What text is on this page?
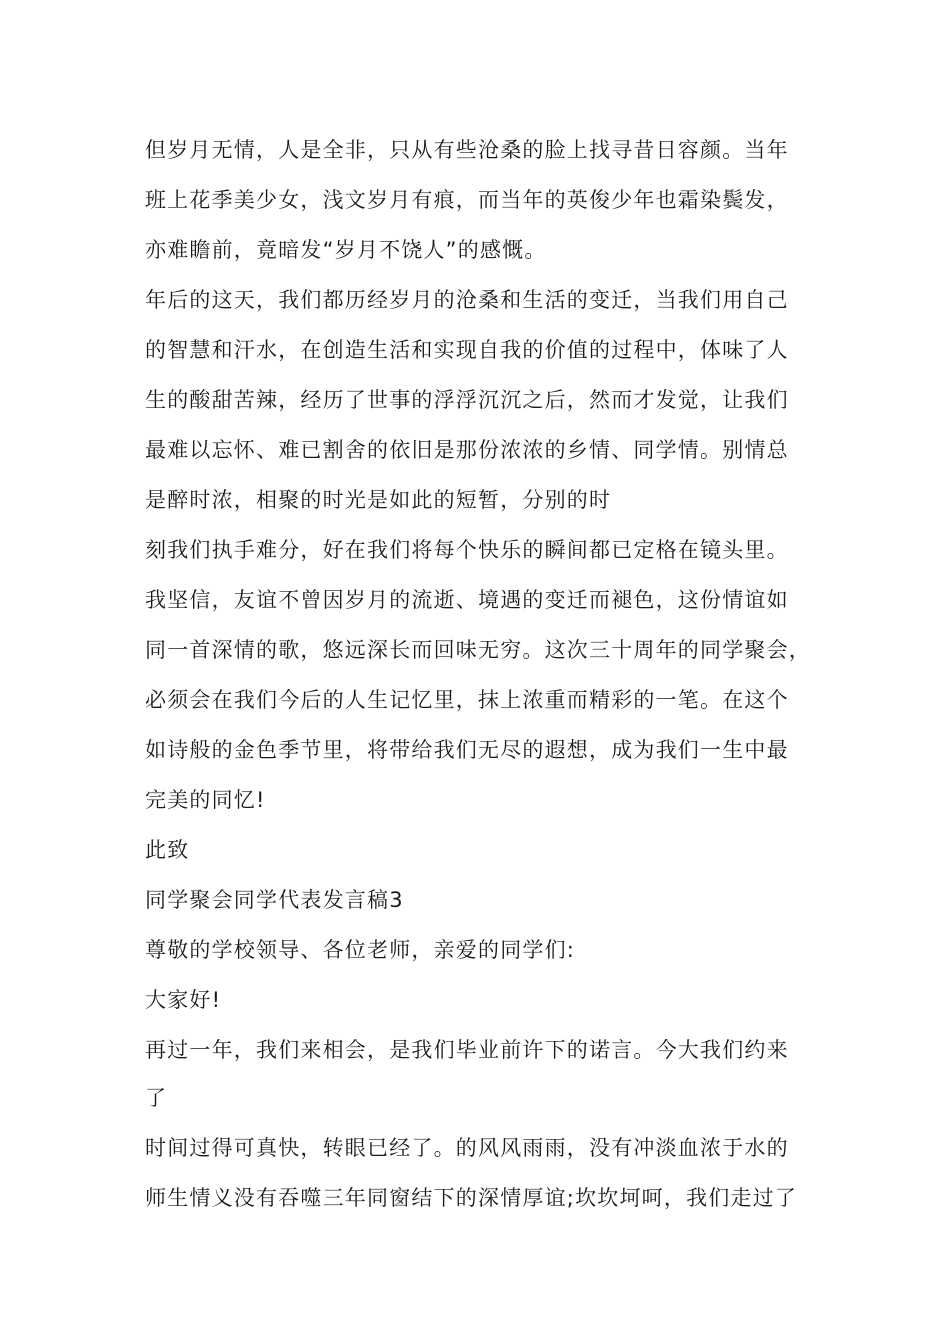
但岁月无情，人是全非，只从有些沧桑的脸上找寻昔日容颜。当年
班上花季美少女，浅文岁月有痕，而当年的英俊少年也霜染鬓发，
亦难瞻前，竟暗发“岁月不饶人”的感慨。
年后的这天，我们都历经岁月的沧桑和生活的变迁，当我们用自己
的智慧和汗水，在创造生活和实现自我的价值的过程中，体味了人
生的酸甜苦辣，经历了世事的浮浮沉沉之后，然而才发觉，让我们
最难以忘怀、难已割舍的依旧是那份浓浓的乡情、同学情。别情总
是醉时浓，相聚的时光是如此的短暂，分别的时
刻我们执手难分，好在我们将每个快乐的瞬间都已定格在镜头里。
我坚信，友谊不曾因岁月的流逝、境遇的变迁而褪色，这份情谊如
同一首深情的歌，悠远深长而回味无穷。这次三十周年的同学聚会，
必须会在我们今后的人生记忆里，抹上浓重而精彩的一笔。在这个
如诗般的金色季节里，将带给我们无尽的遐想，成为我们一生中最
完美的同忆!
此致
同学聚会同学代表发言稿3
尊敬的学校领导、各位老师，亲爱的同学们:
大家好!
再过一年，我们来相会，是我们毕业前许下的诺言。今大我们约来
了
时间过得可真快，转眼已经了。的风风雨雨，没有冲淡血浓于水的
师生情义没有吞噬三年同窗结下的深情厚谊;坎坎坷呵，我们走过了
